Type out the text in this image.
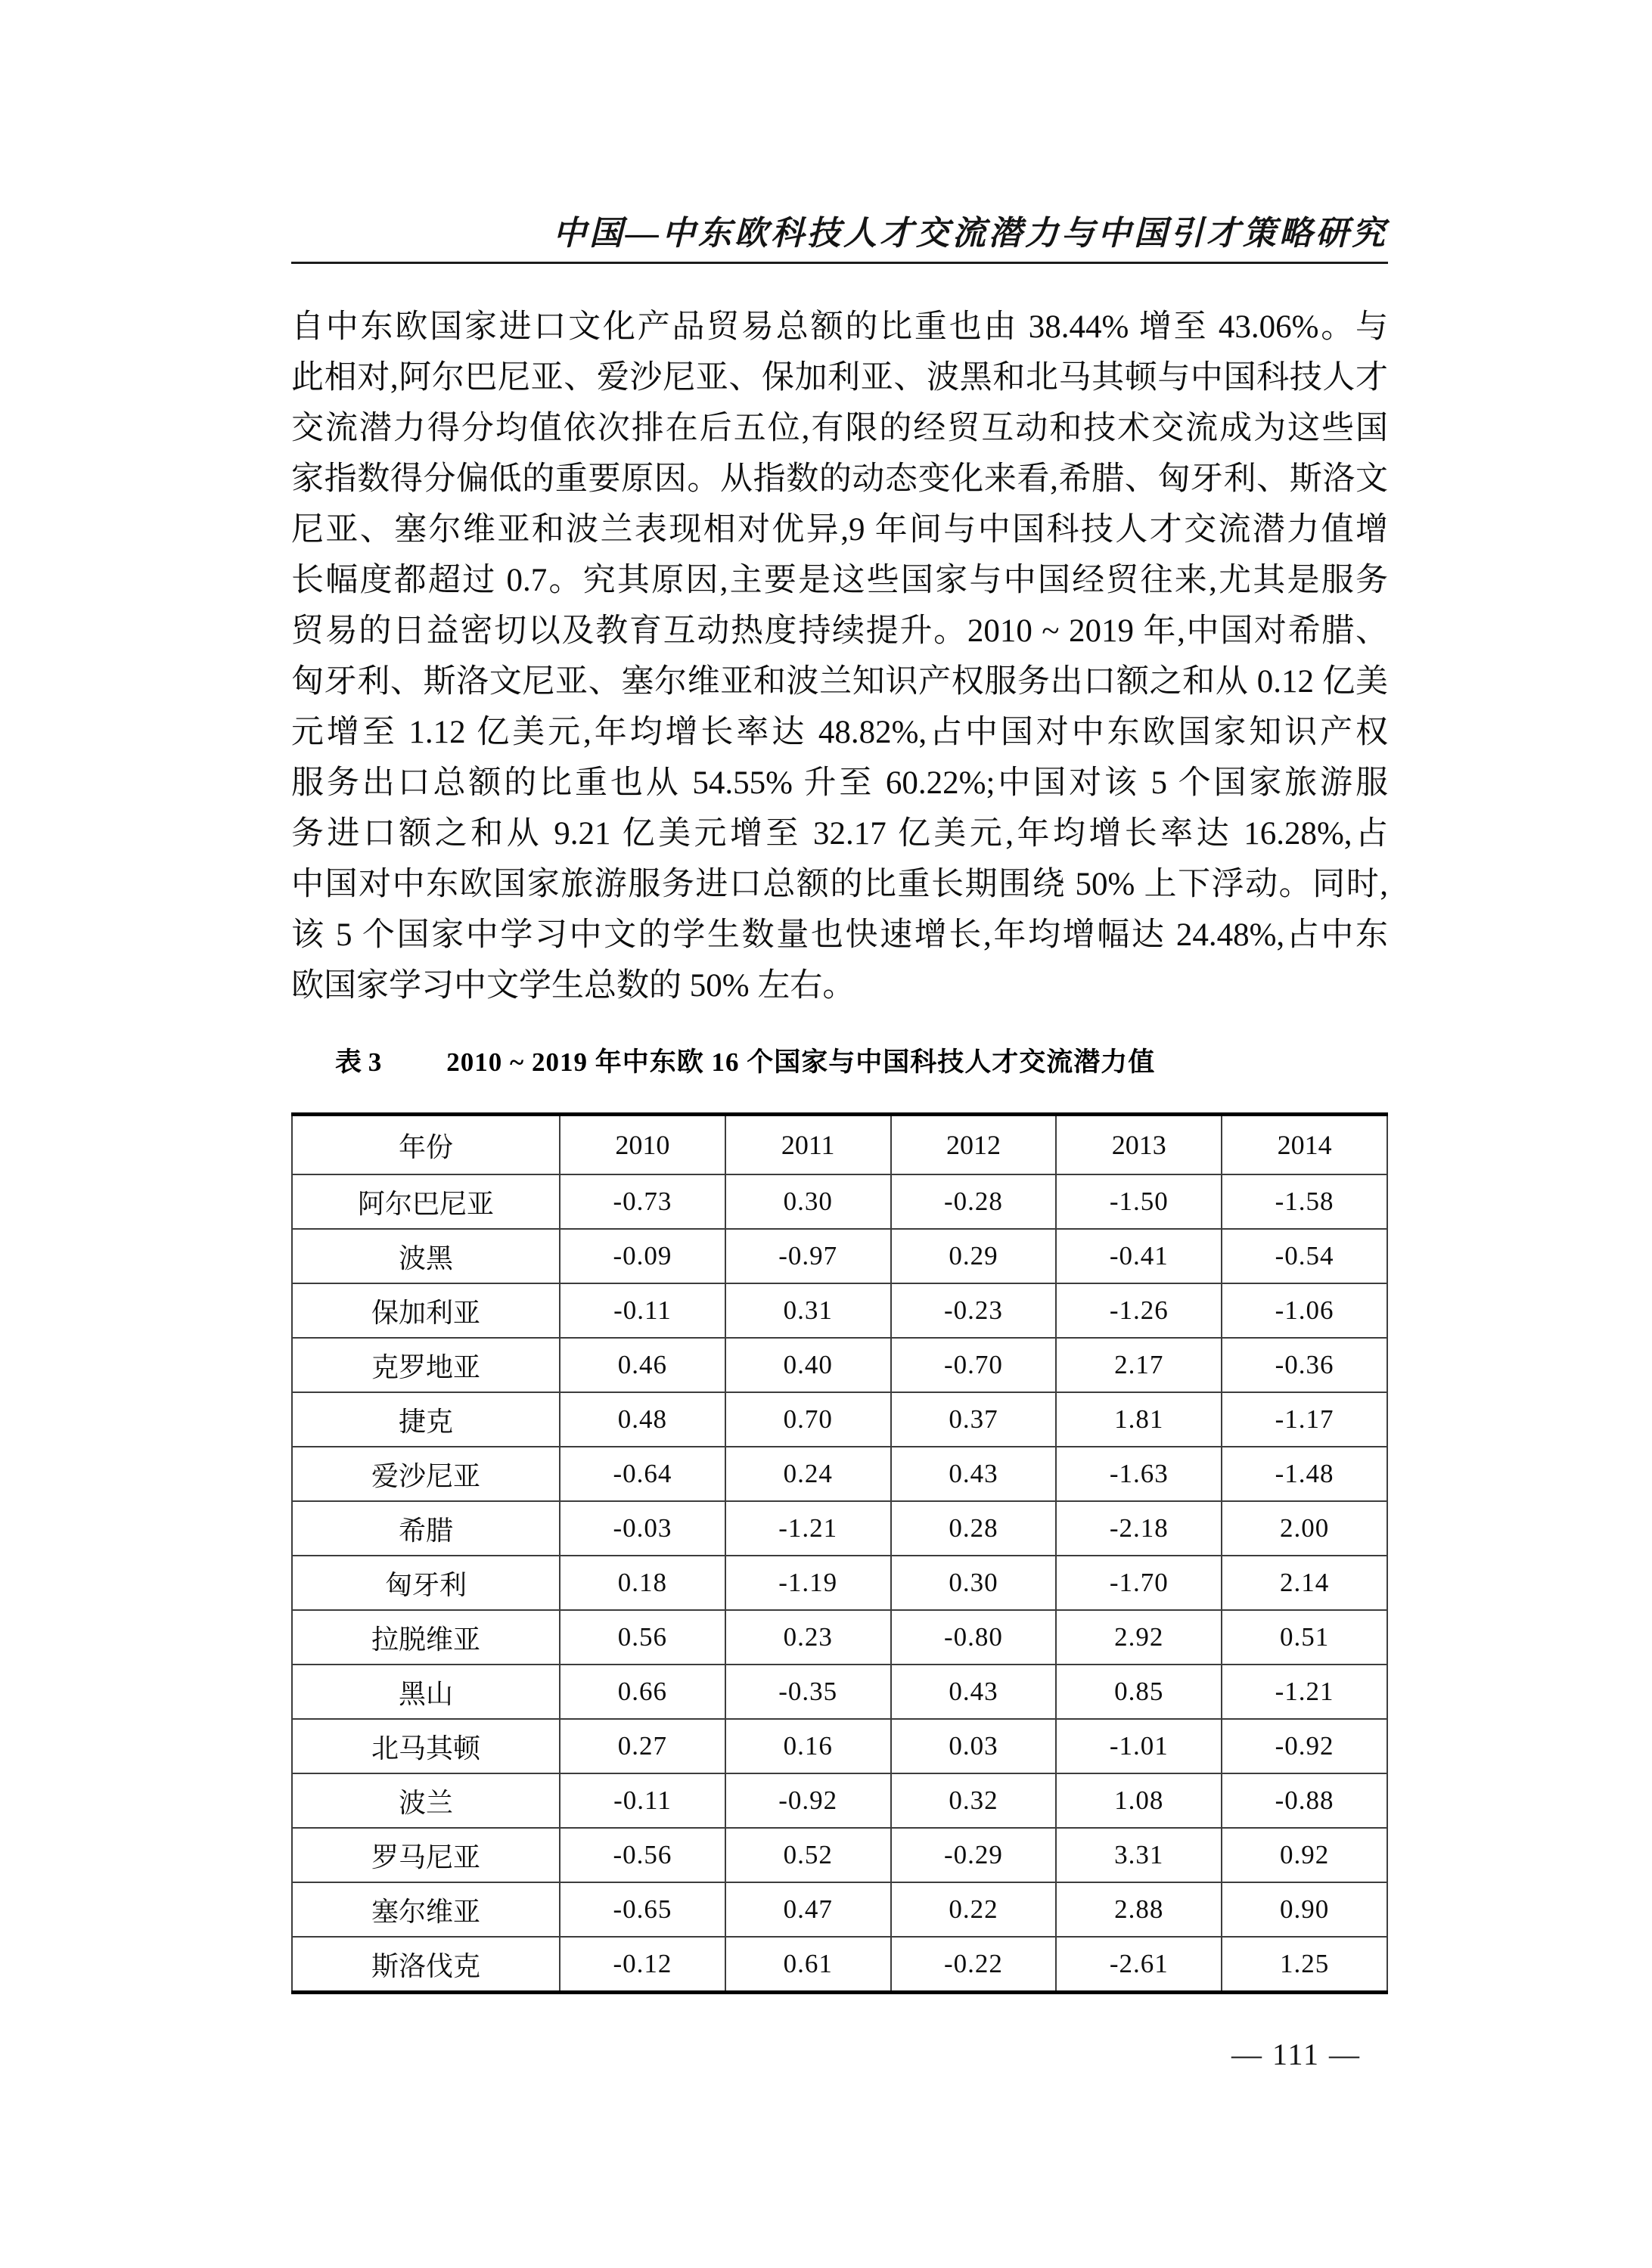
中国—中东欧科技人才交流潜力与中国引才策略研究
自中东欧国家进口文化产品贸易总额的比重也由 38.44% 增至 43.06%。与
此相对,阿尔巴尼亚、爱沙尼亚、保加利亚、波黑和北马其顿与中国科技人才
交流潜力得分均值依次排在后五位,有限的经贸互动和技术交流成为这些国
家指数得分偏低的重要原因。从指数的动态变化来看,希腊、匈牙利、斯洛文
尼亚、塞尔维亚和波兰表现相对优异,9 年间与中国科技人才交流潜力值增
长幅度都超过 0.7。究其原因,主要是这些国家与中国经贸往来,尤其是服务
贸易的日益密切以及教育互动热度持续提升。2010 ~ 2019 年,中国对希腊、
匈牙利、斯洛文尼亚、塞尔维亚和波兰知识产权服务出口额之和从 0.12 亿美
元增至 1.12 亿美元,年均增长率达 48.82%,占中国对中东欧国家知识产权
服务出口总额的比重也从 54.55% 升至 60.22%;中国对该 5 个国家旅游服
务进口额之和从 9.21 亿美元增至 32.17 亿美元,年均增长率达 16.28%,占
中国对中东欧国家旅游服务进口总额的比重长期围绕 50% 上下浮动。同时,
该 5 个国家中学习中文的学生数量也快速增长,年均增幅达 24.48%,占中东
欧国家学习中文学生总数的 50% 左右。
表 3 2010 ~ 2019 年中东欧 16 个国家与中国科技人才交流潜力值
年份	2010	2011	2012	2013	2014
阿尔巴尼亚	-0.73	0.30	-0.28	-1.50	-1.58
波黑	-0.09	-0.97	0.29	-0.41	-0.54
保加利亚	-0.11	0.31	-0.23	-1.26	-1.06
克罗地亚	0.46	0.40	-0.70	2.17	-0.36
捷克	0.48	0.70	0.37	1.81	-1.17
爱沙尼亚	-0.64	0.24	0.43	-1.63	-1.48
希腊	-0.03	-1.21	0.28	-2.18	2.00
匈牙利	0.18	-1.19	0.30	-1.70	2.14
拉脱维亚	0.56	0.23	-0.80	2.92	0.51
黑山	0.66	-0.35	0.43	0.85	-1.21
北马其顿	0.27	0.16	0.03	-1.01	-0.92
波兰	-0.11	-0.92	0.32	1.08	-0.88
罗马尼亚	-0.56	0.52	-0.29	3.31	0.92
塞尔维亚	-0.65	0.47	0.22	2.88	0.90
斯洛伐克	-0.12	0.61	-0.22	-2.61	1.25
— 111 —
